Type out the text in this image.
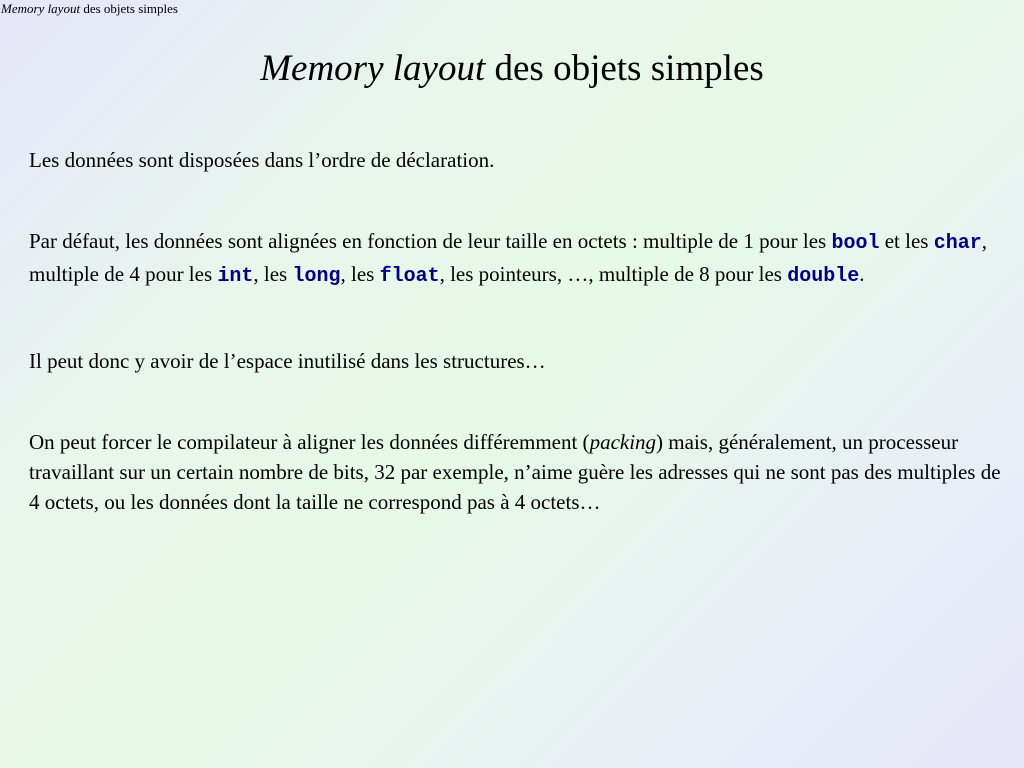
Memory layout des objets simples
Memory layout des objets simples

Les données sont disposées dans l’ordre de déclaration.

Par défaut, les données sont alignées en fonction de leur taille en octets : multiple de 1 pour les bool et les char, multiple de 4 pour les int, les long, les float, les pointeurs, …, multiple de 8 pour les double.

Il peut donc y avoir de l’espace inutilisé dans les structures…

On peut forcer le compilateur à aligner les données différemment (packing) mais, généralement, un processeur travaillant sur un certain nombre de bits, 32 par exemple, n’aime guère les adresses qui ne sont pas des multiples de 4 octets, ou les données dont la taille ne correspond pas à 4 octets…
